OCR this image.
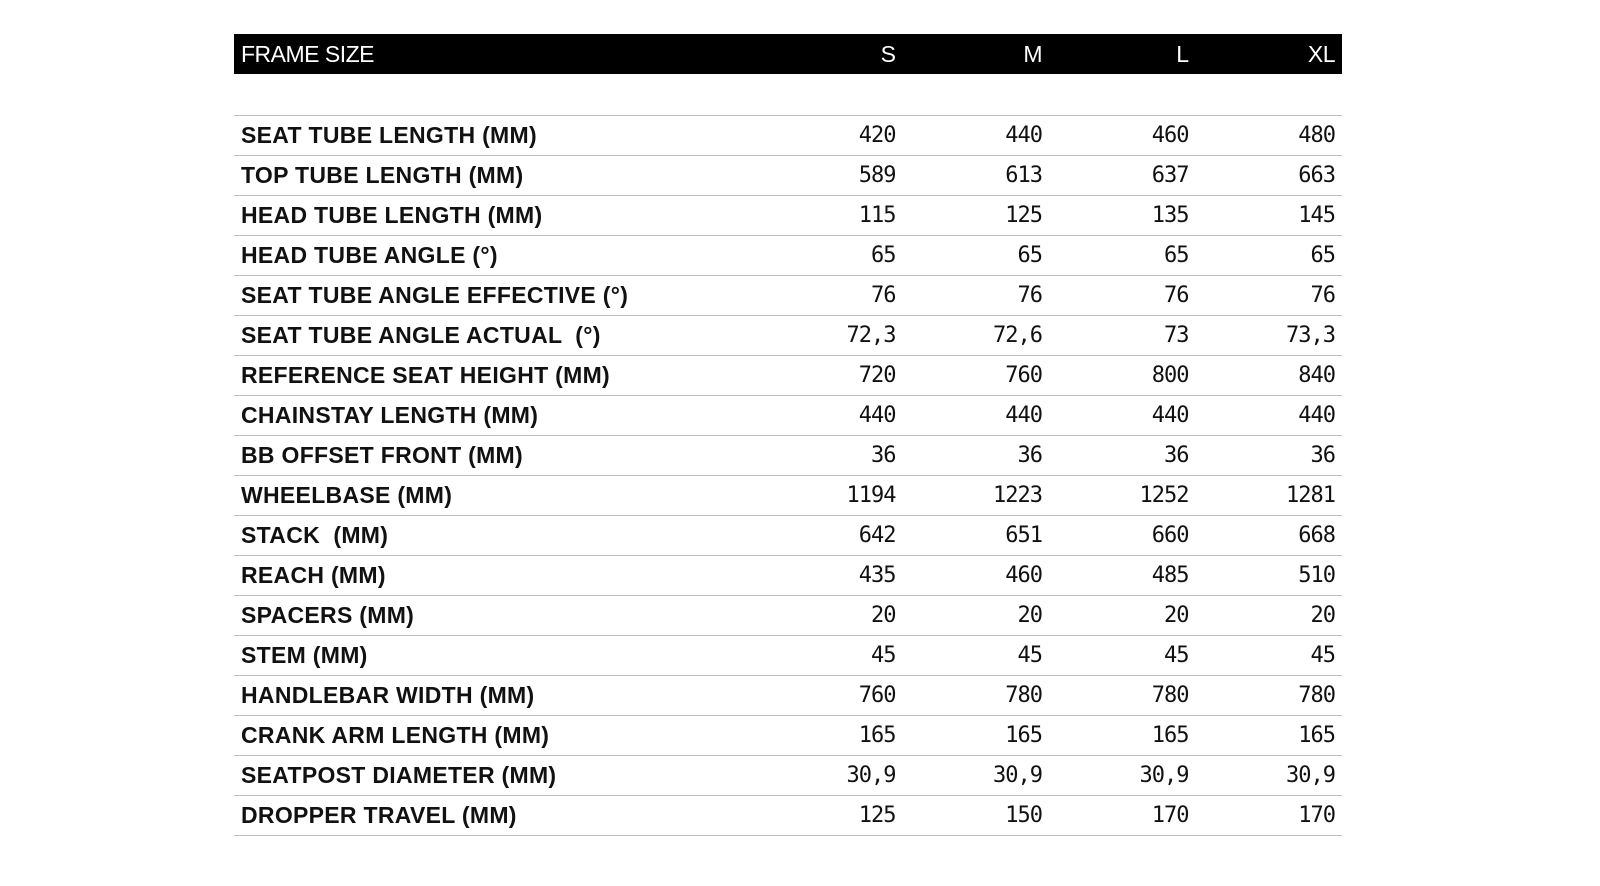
FRAME SIZE	S	M	L	XL

SEAT TUBE LENGTH (MM)	420	440	460	480
TOP TUBE LENGTH (MM)	589	613	637	663
HEAD TUBE LENGTH (MM)	115	125	135	145
HEAD TUBE ANGLE (°)	65	65	65	65
SEAT TUBE ANGLE EFFECTIVE (°)	76	76	76	76
SEAT TUBE ANGLE ACTUAL  (°)	72,3	72,6	73	73,3
REFERENCE SEAT HEIGHT (MM)	720	760	800	840
CHAINSTAY LENGTH (MM)	440	440	440	440
BB OFFSET FRONT (MM)	36	36	36	36
WHEELBASE (MM)	1194	1223	1252	1281
STACK  (MM)	642	651	660	668
REACH (MM)	435	460	485	510
SPACERS (MM)	20	20	20	20
STEM (MM)	45	45	45	45
HANDLEBAR WIDTH (MM)	760	780	780	780
CRANK ARM LENGTH (MM)	165	165	165	165
SEATPOST DIAMETER (MM)	30,9	30,9	30,9	30,9
DROPPER TRAVEL (MM)	125	150	170	170
